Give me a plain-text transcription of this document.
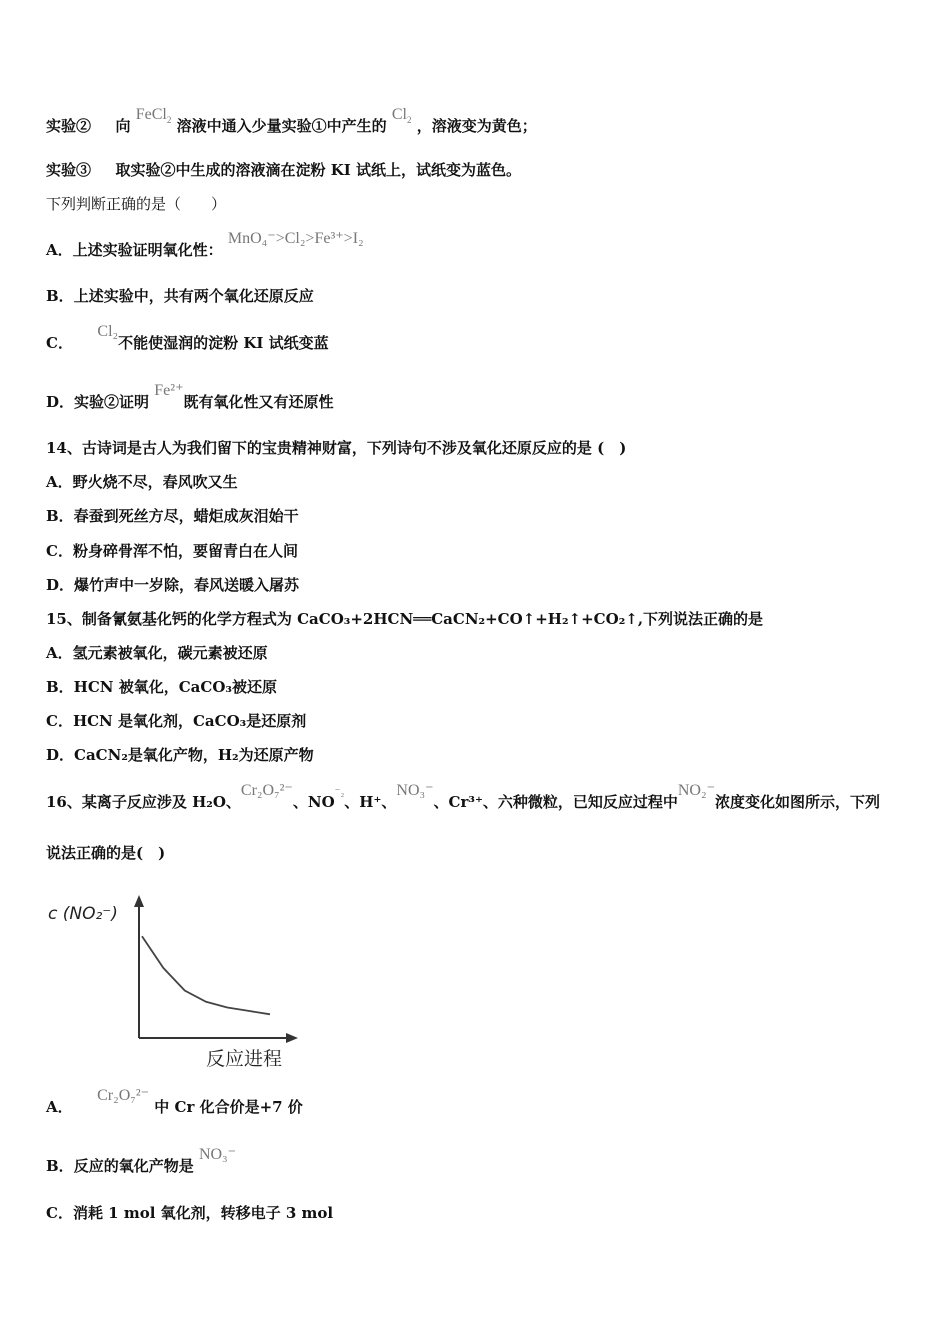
实验② 向 FeCl$_2$ 溶液中通入少量实验①中产生的 $Cl_2$ ，溶液变为黄色；
实验③ 取实验②中生成的溶液滴在淀粉 KI 试纸上，试纸变为蓝色。
下列判断正确的是（　　）
A．上述实验证明氧化性： MnO₄⁻>Cl₂>Fe³⁺>I₂
B．上述实验中，共有两个氧化还原反应
C．  Cl₂不能使湿润的淀粉 KI 试纸变蓝
D．实验②证明 Fe²⁺既有氧化性又有还原性
14、古诗词是古人为我们留下的宝贵精神财富，下列诗句不涉及氧化还原反应的是 (　)
A．野火烧不尽，春风吹又生
B．春蚕到死丝方尽，蜡炬成灰泪始干
C．粉身碎骨浑不怕，要留青白在人间
D．爆竹声中一岁除，春风送暖入屠苏
15、制备氰氨基化钙的化学方程式为 CaCO₃+2HCN══CaCN₂+CO↑+H₂↑+CO₂↑,下列说法正确的是
A．氢元素被氧化，碳元素被还原
B．HCN 被氧化，CaCO₃被还原
C．HCN 是氧化剂，CaCO₃是还原剂
D．CaCN₂是氧化产物，H₂为还原产物
16、某离子反应涉及 H₂O、Cr₂O₇²⁻、$NO^{^-_2}$、H⁺、NO₃⁻、Cr³⁺、六种微粒，已知反应过程中NO₂⁻浓度变化如图所示，下列
说法正确的是(　)
c (NO₂⁻)
反应进程
A．  Cr₂O₇²⁻ 中 Cr 化合价是+7 价
B．反应的氧化产物是 NO₃⁻
C．消耗 1 mol 氧化剂，转移电子 3 mol
